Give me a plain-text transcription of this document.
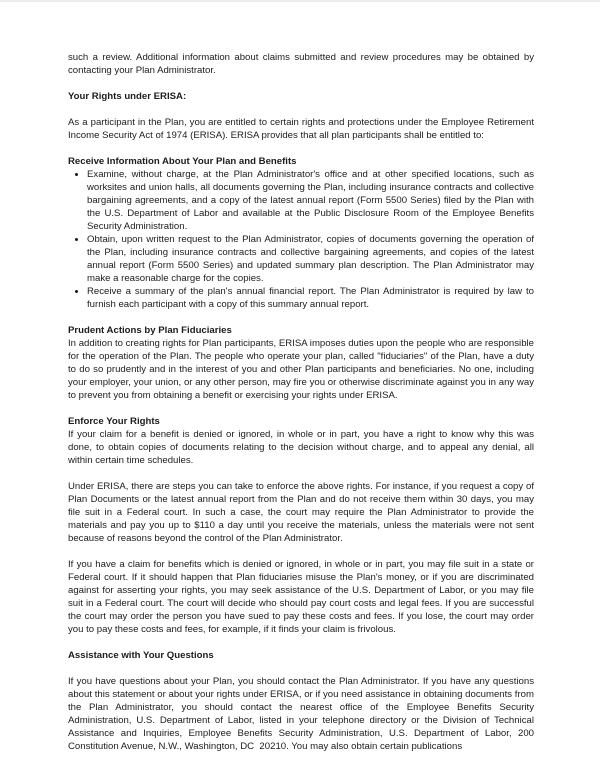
such a review. Additional information about claims submitted and review procedures may be obtained by contacting your Plan Administrator.

Your Rights under ERISA:

As a participant in the Plan, you are entitled to certain rights and protections under the Employee Retirement Income Security Act of 1974 (ERISA). ERISA provides that all plan participants shall be entitled to:

Receive Information About Your Plan and Benefits
• Examine, without charge, at the Plan Administrator's office and at other specified locations, such as worksites and union halls, all documents governing the Plan, including insurance contracts and collective bargaining agreements, and a copy of the latest annual report (Form 5500 Series) filed by the Plan with the U.S. Department of Labor and available at the Public Disclosure Room of the Employee Benefits Security Administration.
• Obtain, upon written request to the Plan Administrator, copies of documents governing the operation of the Plan, including insurance contracts and collective bargaining agreements, and copies of the latest annual report (Form 5500 Series) and updated summary plan description. The Plan Administrator may make a reasonable charge for the copies.
• Receive a summary of the plan's annual financial report. The Plan Administrator is required by law to furnish each participant with a copy of this summary annual report.
Prudent Actions by Plan Fiduciaries

In addition to creating rights for Plan participants, ERISA imposes duties upon the people who are responsible for the operation of the Plan. The people who operate your plan, called "fiduciaries" of the Plan, have a duty to do so prudently and in the interest of you and other Plan participants and beneficiaries. No one, including your employer, your union, or any other person, may fire you or otherwise discriminate against you in any way to prevent you from obtaining a benefit or exercising your rights under ERISA.

Enforce Your Rights

If your claim for a benefit is denied or ignored, in whole or in part, you have a right to know why this was done, to obtain copies of documents relating to the decision without charge, and to appeal any denial, all within certain time schedules.

Under ERISA, there are steps you can take to enforce the above rights. For instance, if you request a copy of Plan Documents or the latest annual report from the Plan and do not receive them within 30 days, you may file suit in a Federal court. In such a case, the court may require the Plan Administrator to provide the materials and pay you up to $110 a day until you receive the materials, unless the materials were not sent because of reasons beyond the control of the Plan Administrator.

If you have a claim for benefits which is denied or ignored, in whole or in part, you may file suit in a state or Federal court. If it should happen that Plan fiduciaries misuse the Plan's money, or if you are discriminated against for asserting your rights, you may seek assistance of the U.S. Department of Labor, or you may file suit in a Federal court. The court will decide who should pay court costs and legal fees. If you are successful the court may order the person you have sued to pay these costs and fees. If you lose, the court may order you to pay these costs and fees, for example, if it finds your claim is frivolous.

Assistance with Your Questions

If you have questions about your Plan, you should contact the Plan Administrator. If you have any questions about this statement or about your rights under ERISA, or if you need assistance in obtaining documents from the Plan Administrator, you should contact the nearest office of the Employee Benefits Security Administration, U.S. Department of Labor, listed in your telephone directory or the Division of Technical Assistance and Inquiries, Employee Benefits Security Administration, U.S. Department of Labor, 200 Constitution Avenue, N.W., Washington, DC  20210. You may also obtain certain publications
